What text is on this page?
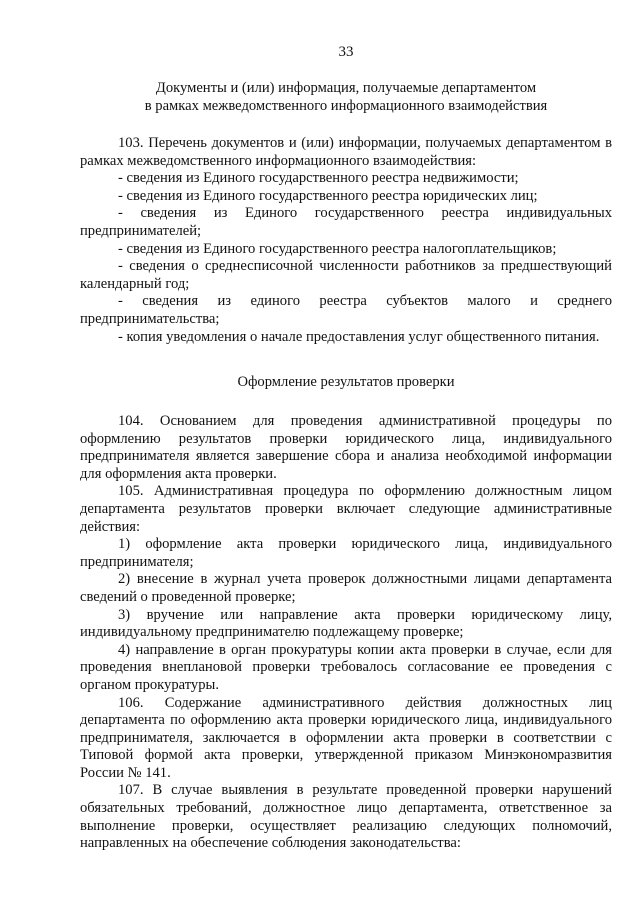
33
Документы и (или) информация, получаемые департаментом
в рамках межведомственного информационного взаимодействия

103. Перечень документов и (или) информации, получаемых департаментом в рамках межведомственного информационного взаимодействия:

- сведения из Единого государственного реестра недвижимости;

- сведения из Единого государственного реестра юридических лиц;

- сведения из Единого государственного реестра индивидуальных предпринимателей;

- сведения из Единого государственного реестра налогоплательщиков;

- сведения о среднесписочной численности работников за предшествующий календарный год;

- сведения из единого реестра субъектов малого и среднего предпринимательства;

- копия уведомления о начале предоставления услуг общественного питания.

Оформление результатов проверки

104. Основанием для проведения административной процедуры по оформлению результатов проверки юридического лица, индивидуального предпринимателя является завершение сбора и анализа необходимой информации для оформления акта проверки.

105. Административная процедура по оформлению должностным лицом департамента результатов проверки включает следующие административные действия:

1) оформление акта проверки юридического лица, индивидуального предпринимателя;

2) внесение в журнал учета проверок должностными лицами департамента сведений о проведенной проверке;

3) вручение или направление акта проверки юридическому лицу, индивидуальному предпринимателю подлежащему проверке;

4) направление в орган прокуратуры копии акта проверки в случае, если для проведения внеплановой проверки требовалось согласование ее проведения с органом прокуратуры.

106. Содержание административного действия должностных лиц департамента по оформлению акта проверки юридического лица, индивидуального предпринимателя, заключается в оформлении акта проверки в соответствии с Типовой формой акта проверки, утвержденной приказом Минэкономразвития России № 141.

107. В случае выявления в результате проведенной проверки нарушений обязательных требований, должностное лицо департамента, ответственное за выполнение проверки, осуществляет реализацию следующих полномочий, направленных на обеспечение соблюдения законодательства:
